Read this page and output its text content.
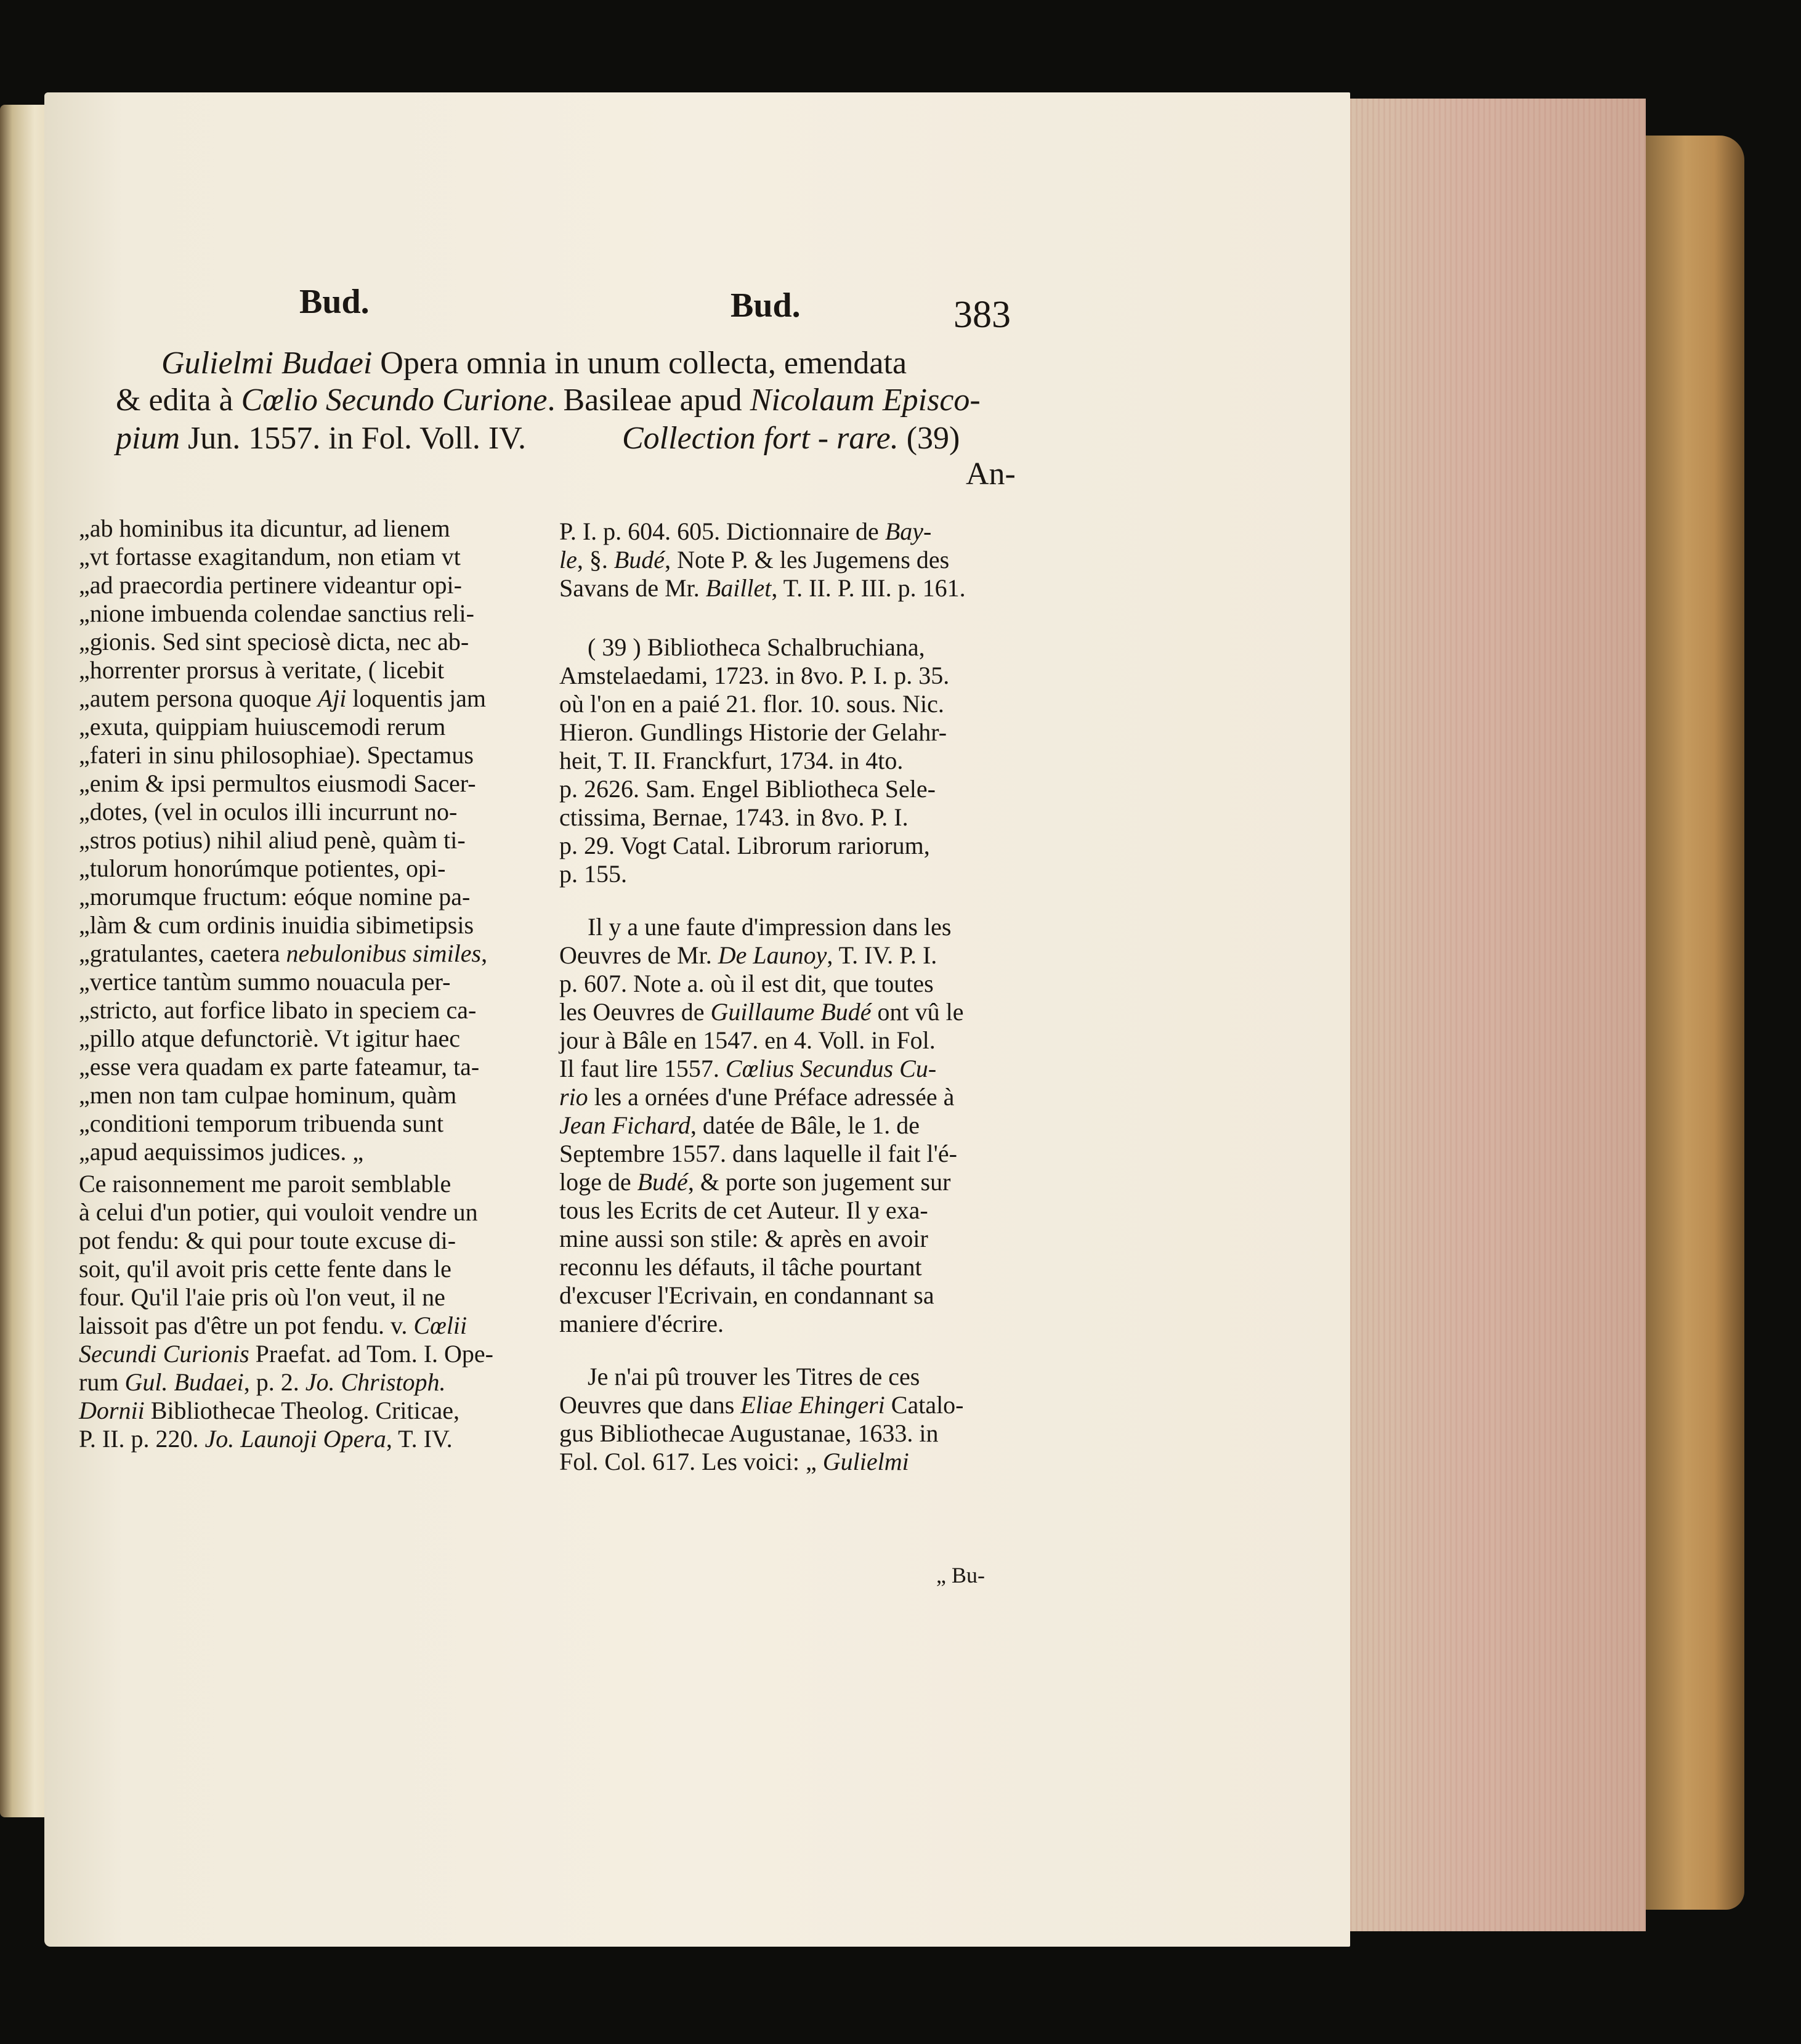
Bud.	Bud.	383
Gulielmi Budaei Opera omnia in unum collecta, emendata
& edita à Cœlio Secundo Curione. Basileae apud Nicolaum Episco-
pium Jun. 1557. in Fol. Voll. IV.	Collection fort - rare. (39)
An-
„ab hominibus ita dicuntur, ad lienem
„vt fortasse exagitandum, non etiam vt
„ad praecordia pertinere videantur opi-
„nione imbuenda colendae sanctius reli-
„gionis. Sed sint speciosè dicta, nec ab-
„horrenter prorsus à veritate, ( licebit
„autem persona quoque Aji loquentis jam
„exuta, quippiam huiuscemodi rerum
„fateri in sinu philosophiae). Spectamus
„enim & ipsi permultos eiusmodi Sacer-
„dotes, (vel in oculos illi incurrunt no-
„stros potius) nihil aliud penè, quàm ti-
„tulorum honorúmque potientes, opi-
„morumque fructum: eóque nomine pa-
„làm & cum ordinis inuidia sibimetipsis
„gratulantes, caetera nebulonibus similes,
„vertice tantùm summo nouacula per-
„stricto, aut forfice libato in speciem ca-
„pillo atque defunctoriè. Vt igitur haec
„esse vera quadam ex parte fateamur, ta-
„men non tam culpae hominum, quàm
„conditioni temporum tribuenda sunt
„apud aequissimos judices. „
Ce raisonnement me paroit semblable
à celui d'un potier, qui vouloit vendre un
pot fendu: & qui pour toute excuse di-
soit, qu'il avoit pris cette fente dans le
four. Qu'il l'aie pris où l'on veut, il ne
laissoit pas d'être un pot fendu. v. Cœlii
Secundi Curionis Praefat. ad Tom. I. Ope-
rum Gul. Budaei, p. 2. Jo. Christoph.
Dornii Bibliothecae Theolog. Criticae,
P. II. p. 220. Jo. Launoji Opera, T. IV.
P. I. p. 604. 605. Dictionnaire de Bay-
le, §. Budé, Note P. & les Jugemens des
Savans de Mr. Baillet, T. II. P. III. p. 161.
( 39 ) Bibliotheca Schalbruchiana,
Amstelaedami, 1723. in 8vo. P. I. p. 35.
où l'on en a paié 21. flor. 10. sous. Nic.
Hieron. Gundlings Historie der Gelahr-
heit, T. II. Franckfurt, 1734. in 4to.
p. 2626. Sam. Engel Bibliotheca Sele-
ctissima, Bernae, 1743. in 8vo. P. I.
p. 29. Vogt Catal. Librorum rariorum,
p. 155.
Il y a une faute d'impression dans les
Oeuvres de Mr. De Launoy, T. IV. P. I.
p. 607. Note a. où il est dit, que toutes
les Oeuvres de Guillaume Budé ont vû le
jour à Bâle en 1547. en 4. Voll. in Fol.
Il faut lire 1557. Cœlius Secundus Cu-
rio les a ornées d'une Préface adressée à
Jean Fichard, datée de Bâle, le 1. de
Septembre 1557. dans laquelle il fait l'é-
loge de Budé, & porte son jugement sur
tous les Ecrits de cet Auteur. Il y exa-
mine aussi son stile: & après en avoir
reconnu les défauts, il tâche pourtant
d'excuser l'Ecrivain, en condannant sa
maniere d'écrire.
Je n'ai pû trouver les Titres de ces
Oeuvres que dans Eliae Ehingeri Catalo-
gus Bibliothecae Augustanae, 1633. in
Fol. Col. 617. Les voici: „ Gulielmi
„ Bu-
